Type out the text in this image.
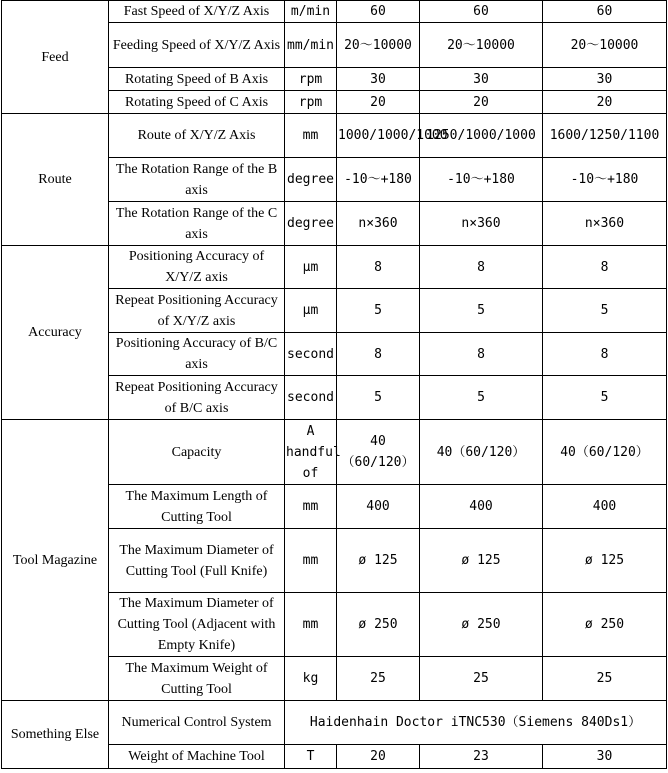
Feed	Fast Speed of X/Y/Z Axis	m/min	60	60	60
	Feeding Speed of X/Y/Z Axis	mm/min	20～10000	20～10000	20～10000
	Rotating Speed of B Axis	rpm	30	30	30
	Rotating Speed of C Axis	rpm	20	20	20
Route	Route of X/Y/Z Axis	mm	1000/1000/1000	1250/1000/1000	1600/1250/1100
	The Rotation Range of the B axis	degree	-10～+180	-10～+180	-10～+180
	The Rotation Range of the C axis	degree	n×360	n×360	n×360
Accuracy	Positioning Accuracy of X/Y/Z axis	μm	8	8	8
	Repeat Positioning Accuracy of X/Y/Z axis	μm	5	5	5
	Positioning Accuracy of B/C axis	second	8	8	8
	Repeat Positioning Accuracy of B/C axis	second	5	5	5
Tool Magazine	Capacity	A handful of	40（60/120）	40（60/120）	40（60/120）
	The Maximum Length of Cutting Tool	mm	400	400	400
	The Maximum Diameter of Cutting Tool (Full Knife)	mm	ø 125	ø 125	ø 125
	The Maximum Diameter of Cutting Tool (Adjacent with Empty Knife)	mm	ø 250	ø 250	ø 250
	The Maximum Weight of Cutting Tool	kg	25	25	25
Something Else	Numerical Control System	Haidenhain Doctor iTNC530（Siemens 840Ds1）			
	Weight of Machine Tool	T	20	23	30
